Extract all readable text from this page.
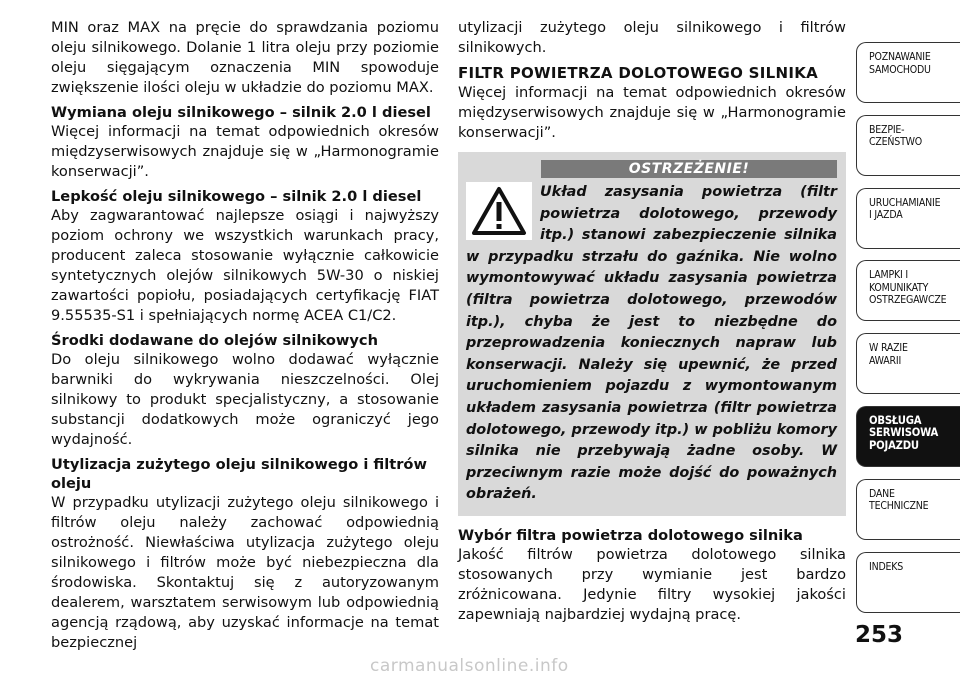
MIN oraz MAX na pręcie do sprawdzania poziomu oleju silnikowego. Dolanie 1 litra oleju przy poziomie oleju sięgającym oznaczenia MIN spowoduje zwiększenie ilości oleju w układzie do poziomu MAX.

Wymiana oleju silnikowego – silnik 2.0 l diesel

Więcej informacji na temat odpowiednich okresów międzyserwisowych znajduje się w „Harmonogramie konserwacji”.

Lepkość oleju silnikowego – silnik 2.0 l diesel

Aby zagwarantować najlepsze osiągi i najwyższy poziom ochrony we wszystkich warunkach pracy, producent zaleca stosowanie wyłącznie całkowicie syntetycznych olejów silnikowych 5W-30 o niskiej zawartości popiołu, posiadających certyfikację FIAT 9.55535-S1 i spełniających normę ACEA C1/C2.

Środki dodawane do olejów silnikowych

Do oleju silnikowego wolno dodawać wyłącznie barwniki do wykrywania nieszczelności. Olej silnikowy to produkt specjalistyczny, a stosowanie substancji dodatkowych może ograniczyć jego wydajność.

Utylizacja zużytego oleju silnikowego i filtrów oleju

W przypadku utylizacji zużytego oleju silnikowego i filtrów oleju należy zachować odpowiednią ostrożność. Niewłaściwa utylizacja zużytego oleju silnikowego i filtrów może być niebezpieczna dla środowiska. Skontaktuj się z autoryzowanym dealerem, warsztatem serwisowym lub odpowiednią agencją rządową, aby uzyskać informacje na temat bezpiecznej

utylizacji zużytego oleju silnikowego i filtrów silnikowych.

FILTR POWIETRZA DOLOTOWEGO SILNIKA

Więcej informacji na temat odpowiednich okresów międzyserwisowych znajduje się w „Harmonogramie konserwacji”.

OSTRZEŻENIE!
Układ zasysania powietrza (filtr powietrza dolotowego, przewody itp.) stanowi zabezpieczenie silnika w przypadku strzału do gaźnika. Nie wolno wymontowywać układu zasysania powietrza (filtra powietrza dolotowego, przewodów itp.), chyba że jest to niezbędne do przeprowadzenia koniecznych napraw lub konserwacji. Należy się upewnić, że przed uruchomieniem pojazdu z wymontowanym układem zasysania powietrza (filtr powietrza dolotowego, przewody itp.) w pobliżu komory silnika nie przebywają żadne osoby. W przeciwnym razie może dojść do poważnych obrażeń.
Wybór filtra powietrza dolotowego silnika

Jakość filtrów powietrza dolotowego silnika stosowanych przy wymianie jest bardzo zróżnicowana. Jedynie filtry wysokiej jakości zapewniają najbardziej wydajną pracę.

POZNAWANIE
SAMOCHODU
BEZPIE-
CZEŃSTWO
URUCHAMIANIE
I JAZDA
LAMPKI I
KOMUNIKATY
OSTRZEGAWCZE
W RAZIE
AWARII
OBSŁUGA
SERWISOWA
POJAZDU
DANE
TECHNICZNE
INDEKS
253
carmanualsonline.info
